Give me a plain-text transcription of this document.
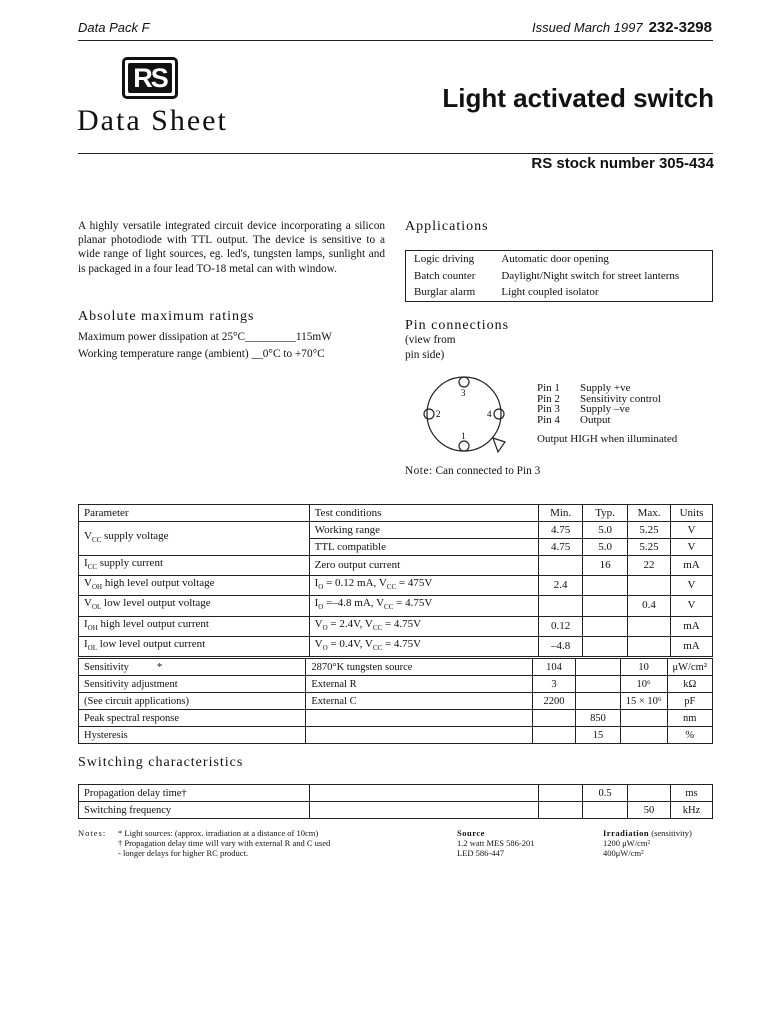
Data Pack F	Issued March 1997 232-3298
RS
Data Sheet
Light activated switch
RS stock number 305-434
A highly versatile integrated circuit device incorporating a silicon planar photodiode with TTL output. The device is sensitive to a wide range of light sources, eg. led's, tungsten lamps, sunlight and is packaged in a four lead TO-18 metal can with window.
Absolute maximum ratings
Maximum power dissipation at 25°C_________115mW
Working temperature range (ambient) __0°C to +70°C
Applications
Logic driving	Automatic door opening
Batch counter	Daylight/Night switch for street lanterns
Burglar alarm	Light coupled isolator
Pin connections
(view from
pin side)
3
2	4
1
Pin 1	Supply +ve
Pin 2	Sensitivity control
Pin 3	Supply –ve
Pin 4	Output
Output HIGH when illuminated
Note: Can connected to Pin 3
Parameter	Test conditions	Min.	Typ.	Max.	Units
$V_{CC}$ supply voltage	Working range	4.75	5.0	5.25	V
	TTL compatible	4.75	5.0	5.25	V
$I_{CC}$ supply current	Zero output current		16	22	mA
$V_{OH}$ high level output voltage	$I_O = 0.12$ mA, $V_{CC} = 475V$	2.4			V
$V_{OL}$ low level output voltage	$I_O =-4.8$ mA, $V_{CC} = 4.75V$			0.4	V
$I_{OH}$ high level output current	$V_O = 2.4V$, $V_{CC} = 4.75V$	0.12			mA
$I_{OL}$ low level output current	$V_O = 0.4V$, $V_{CC} = 4.75V$	–4.8			mA
Sensitivity *	2870°K tungsten source	104		10	μW/cm²
Sensitivity adjustment	External R	3		10⁶	kΩ
(See circuit applications)	External C	2200		15 × 10⁶	pF
Peak spectral response			850		nm
Hysteresis			15		%
Switching characteristics
Propagation delay time†			0.5		ms
Switching frequency				50	kHz
Notes: * Light sources: (approx. irradiation at a distance of 10cm)
† Propagation delay time will vary with external R and C used
- longer delays for higher RC product.
Source
1.2 watt MES 586-201
LED 586-447
Irradiation (sensitivity)
1200 μW/cm²
400μW/cm²
